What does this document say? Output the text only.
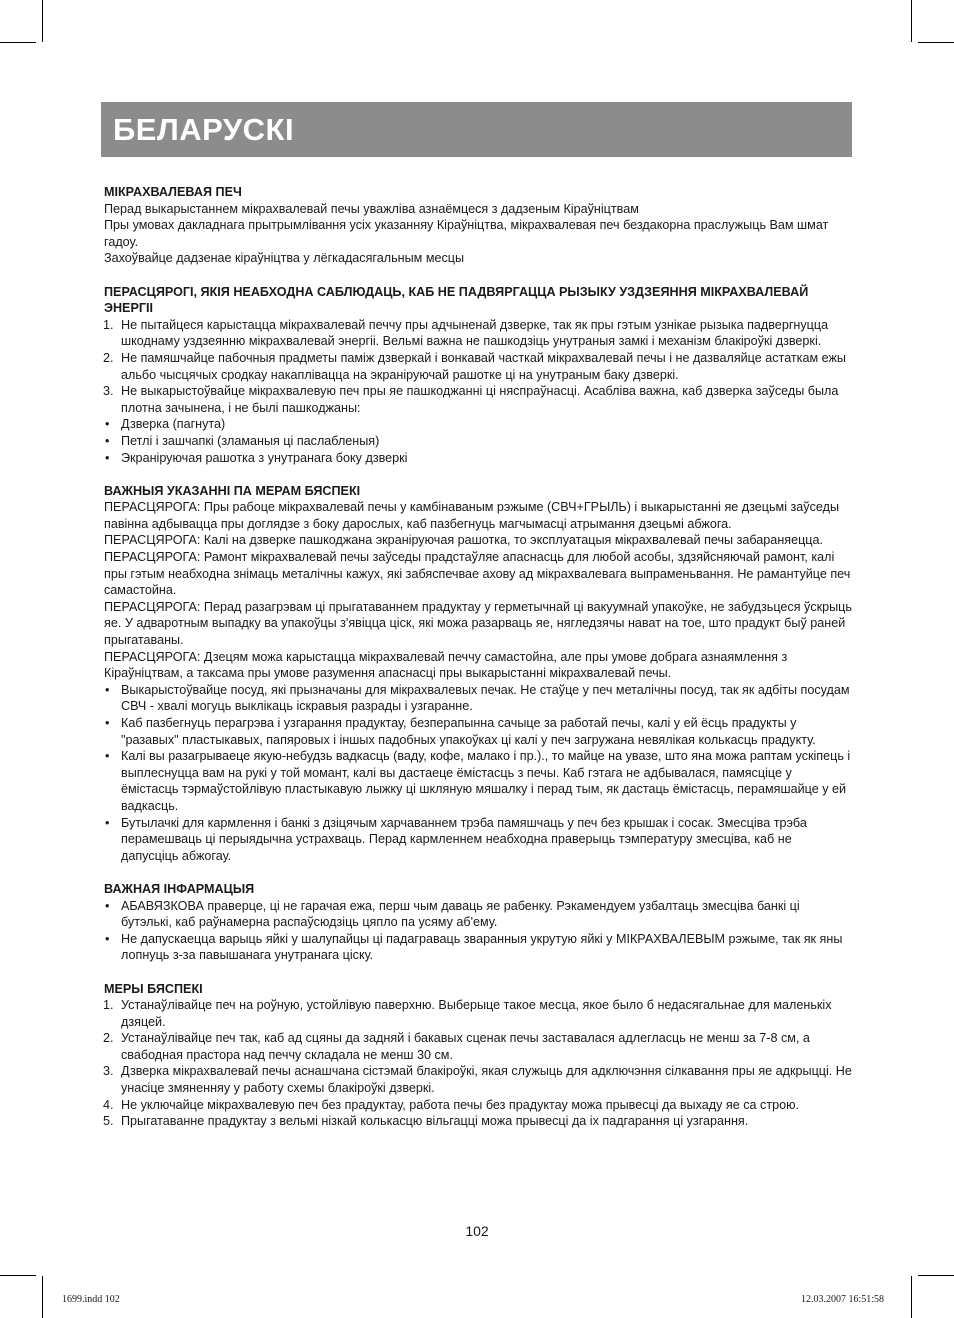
БЕЛАРУСКІ
МІКРАХВАЛЕВАЯ ПЕЧ

Перад выкарыстаннем мікрахвалевай печы уважліва азнаёмцеся з дадзеным Кіраўніцтвам

Пры умовах дакладнага прытрымлівання усіх указанняу Кіраўніцтва, мікрахвалевая печ бездакорна праслужыць Вам шмат гадоу.

Захоўвайце дадзенае кіраўніцтва у лёгкадасягальным месцы

ПЕРАСЦЯРОГІ, ЯКІЯ НЕАБХОДНА САБЛЮДАЦЬ, КАБ НЕ ПАДВЯРГАЦЦА РЫЗЫКУ УЗДЗЕЯННЯ МІКРАХВАЛЕВАЙ ЭНЕРГІІ
1. Не пытайцеся карыстацца мікрахвалевай печчу пры адчыненай дзверке, так як пры гэтым узнікае рызыка падвергнуцца шкоднаму уздзеянню мікрахвалевай энергіі. Вельмі важна не пашкодзіць унутраныя замкі і механізм блакіроўкі дзверкі.
2. Не памяшчайце пабочныя прадметы паміж дзверкай і вонкавай часткай мікрахвалевай печы і не дазваляйце астаткам ежы альбо чысцячых сродкау накапліваццa на экраніруючай рашотке ці на унутраным баку дзверкі.
3. Не выкарыстоўвайце мікрахвалевую печ пры яе пашкоджанні ці няспраўнасці. Асабліва важна, каб дзверка заўседы была плотна зачынена, і не былі пашкоджаны:
• Дзверка (пагнута)
• Петлі і зашчапкі (зламаныя ці паслабленыя)
• Экраніруючая рашотка з унутранага боку дзверкі
ВАЖНЫЯ УКАЗАННІ ПА МЕРАМ БЯСПЕКІ

ПЕРАСЦЯРОГА: Пры рабоце мікрахвалевай печы у камбінаваным рэжыме (СВЧ+ГРЫЛЬ) і выкарыстанні яе дзецьмі заўседы павінна адбывацца пры доглядзе з боку дарослых, каб пазбегнуць магчымасці атрымання дзецьмі абжога.

ПЕРАСЦЯРОГА: Калі на дзверке пашкоджана экраніруючая рашотка, то эксплуатацыя мікрахвалевай печы забараняецца.

ПЕРАСЦЯРОГА: Рамонт мікрахвалевай печы заўседы прадстаўляе апаснасць для любой асобы, здзяйсняючай рамонт, калі пры гэтым неабходна знімаць металічны кажух, які забяспечвае ахову ад мікрахвалевага выпраменьвання. Не рамантуйце печ самастойна.

ПЕРАСЦЯРОГА: Перад разагрэвам ці прыгатаваннем прадуктау у герметычнай ці вакуумнай упакоўке, не забудзьцеся ўскрыць яе. У адваротным выпадку ва упакоўцы з'явіцца ціск, які можа разарваць яе, нягледзячы нават на тое, што прадукт быў раней прыгатаваны.

ПЕРАСЦЯРОГА: Дзецям можа карыстацца мікрахвалевай печчу самастойна, але пры умове добрага азнаямлення з Кіраўніцтвам, а таксама пры умове разумення апаснасці пры выкарыстанні мікрахвалевай печы.

• Выкарыстоўвайце посуд, які прызначаны для мікрахвалевых печак. Не стаўце у печ металічны посуд, так як адбіты посудам СВЧ - хвалі могуць выклікаць іскравыя разрады і узгаранне.
• Каб пазбегнуць перагрэва і узгарання прадуктау, безперапынна сачыце за работай печы, калі у ей ёсць прадукты у "разавых" пластыкавых, папяровых і іншых падобных упакоўках ці калі у печ загружана невялікая колькасць прадукту.
• Калі вы разагрываеце якую-небудзь вадкасць (ваду, кофе, малако і пр.)., то майце на увазе, што яна можа раптам ускіпець і выплеснуцца вам на рукі у той момант, калі вы дастаеце ёмістасць з печы. Каб гэтага не адбывалася, памясціце у ёмістасць тэрмаўстойлівую пластыкавую лыжку ці шкляную мяшалку і перад тым, як дастаць ёмістасць, перамяшайце у ей вадкасць.
• Бутылачкі для кармлення і банкі з дзіцячым харчаваннем трэба памяшчаць у печ без крышак і сосак. Змесціва трэба перамешваць ці перыядычна устрахваць. Перад кармленнем неабходна праверыць тэмпературу змесціва, каб не дапусціць абжогау.
ВАЖНАЯ ІНФАРМАЦЫЯ
• АБАВЯЗКОВА праверце, ці не гарачая ежа, перш чым даваць яе рабенку. Рэкамендуем узбалтаць змесціва банкі ці бутэлькі, каб раўнамерна распаўсюдзіць цяпло па усяму аб'ему.
• Не дапускаецца варыць яйкі у шалупайцы ці падаграваць зваранныя укрутую яйкі у МІКРАХВАЛЕВЫМ рэжыме, так як яны лопнуць з-за павышанага унутранага ціску.
МЕРЫ БЯСПЕКІ
1. Устанаўлівайце печ на роўную, устойлівую паверхню. Выберыце такое месца, якое было б недасягальнае для маленькіх дзяцей.
2. Устанаўлівайце печ так, каб ад сцяны да задняй і бакавых сценак печы заставалася адлегласць не менш за 7-8 см, а свабодная прастора над печчу складала не менш 30 см.
3. Дзверка мікрахвалевай печы аснашчана сістэмай блакіроўкі, якая служыць для адключэння сілкавання пры яе адкрыцці. Не унасіце змяненняу у работу схемы блакіроўкі дзверкі.
4. Не уключайце мікрахвалевую печ без прадуктау, работа печы без прадуктау можа прывесці да выхаду яе са строю.
5. Прыгатаванне прадуктау з вельмі нізкай колькасцю вільгацці можа прывесці да іх падгарання ці узгарання.
102
1699.indd 102	12.03.2007 16:51:58
